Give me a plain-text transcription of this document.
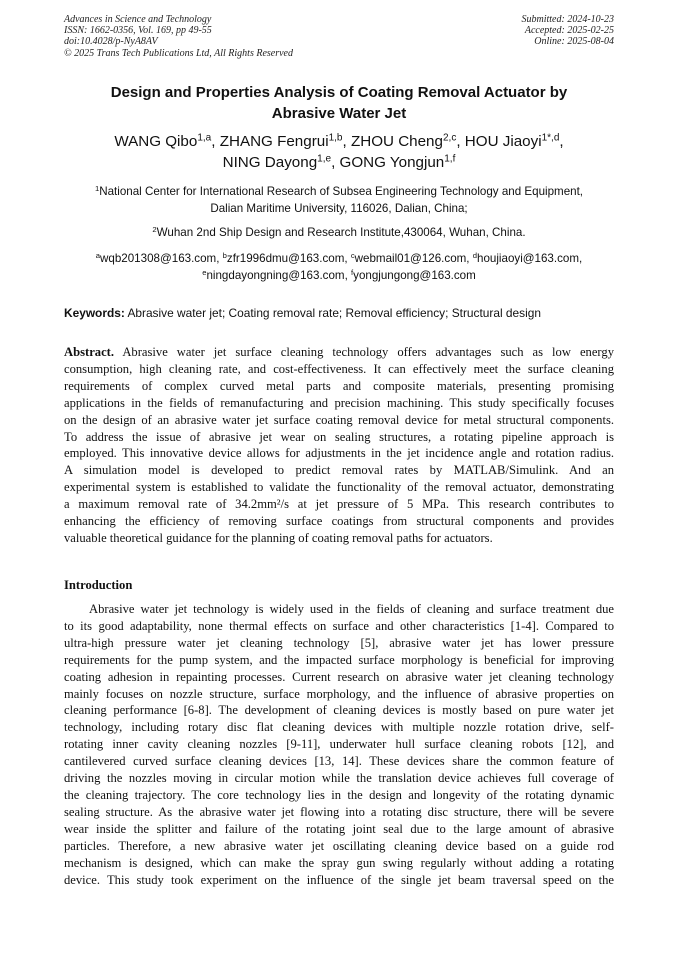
Advances in Science and Technology
ISSN: 1662-0356, Vol. 169, pp 49-55
doi:10.4028/p-NyA8AV
© 2025 Trans Tech Publications Ltd, All Rights Reserved
Submitted: 2024-10-23
Accepted: 2025-02-25
Online: 2025-08-04
Design and Properties Analysis of Coating Removal Actuator by
Abrasive Water Jet
WANG Qibo$^{1,a}$, ZHANG Fengrui$^{1,b}$, ZHOU Cheng$^{2,c}$, HOU Jiaoyi$^{1*,d}$,
NING Dayong$^{1,e}$, GONG Yongjun$^{1,f}$
$^1$National Center for International Research of Subsea Engineering Technology and Equipment,
Dalian Maritime University, 116026, Dalian, China;
$^2$Wuhan 2nd Ship Design and Research Institute,430064, Wuhan, China.
$^a$wqb201308@163.com, $^b$zfr1996dmu@163.com, $^c$webmail01@126.com, $^d$houjiaoyi@163.com,
$^e$ningdayongning@163.com, $^f$yongjungong@163.com
Keywords: Abrasive water jet; Coating removal rate; Removal efficiency; Structural design
Abstract. Abrasive water jet surface cleaning technology offers advantages such as low energy
consumption, high cleaning rate, and cost-effectiveness. It can effectively meet the surface cleaning
requirements of complex curved metal parts and composite materials, presenting promising
applications in the fields of remanufacturing and precision machining. This study specifically focuses
on the design of an abrasive water jet surface coating removal device for metal structural components.
To address the issue of abrasive jet wear on sealing structures, a rotating pipeline approach is
employed. This innovative device allows for adjustments in the jet incidence angle and rotation radius.
A simulation model is developed to predict removal rates by MATLAB/Simulink. And an
experimental system is established to validate the functionality of the removal actuator, demonstrating
a maximum removal rate of 34.2mm²/s at jet pressure of 5 MPa. This research contributes to
enhancing the efficiency of removing surface coatings from structural components and provides
valuable theoretical guidance for the planning of coating removal paths for actuators.
Introduction
Abrasive water jet technology is widely used in the fields of cleaning and surface treatment due
to its good adaptability, none thermal effects on surface and other characteristics [1-4]. Compared to
ultra-high pressure water jet cleaning technology [5], abrasive water jet has lower pressure
requirements for the pump system, and the impacted surface morphology is beneficial for improving
coating adhesion in repainting processes. Current research on abrasive water jet cleaning technology
mainly focuses on nozzle structure, surface morphology, and the influence of abrasive properties on
cleaning performance [6-8]. The development of cleaning devices is mostly based on pure water jet
technology, including rotary disc flat cleaning devices with multiple nozzle rotation drive, self-
rotating inner cavity cleaning nozzles [9-11], underwater hull surface cleaning robots [12], and
cantilevered curved surface cleaning devices [13, 14]. These devices share the common feature of
driving the nozzles moving in circular motion while the translation device achieves full coverage of
the cleaning trajectory. The core technology lies in the design and longevity of the rotating dynamic
sealing structure. As the abrasive water jet flowing into a rotating disc structure, there will be severe
wear inside the splitter and failure of the rotating joint seal due to the large amount of abrasive
particles. Therefore, a new abrasive water jet oscillating cleaning device based on a guide rod
mechanism is designed, which can make the spray gun swing regularly without adding a rotating
device. This study took experiment on the influence of the single jet beam traversal speed on the
